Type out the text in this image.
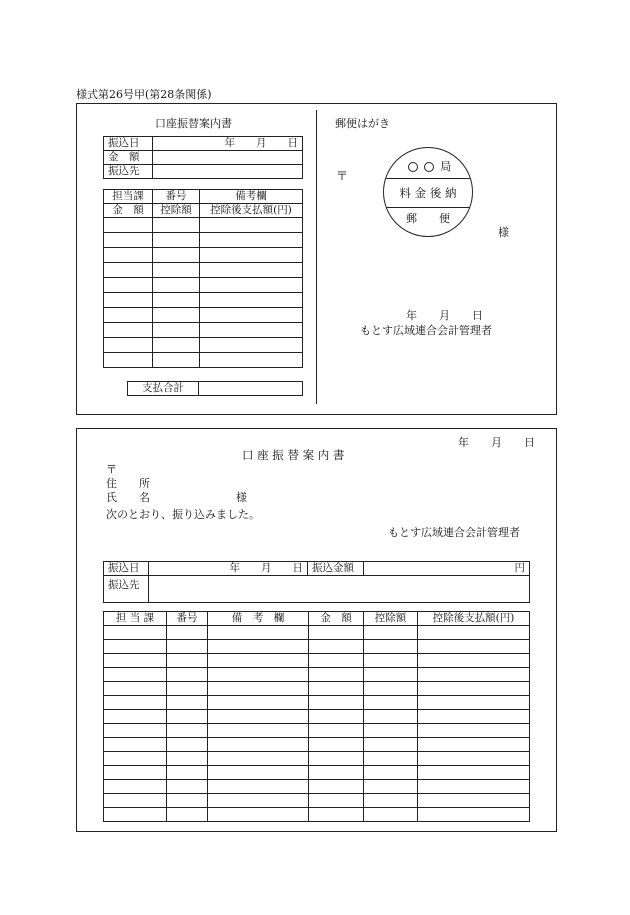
様式第26号甲(第28条関係)
口座振替案内書
振込日	年　　月　　日
金　額	
振込先	
担当課	番号	備考欄
金　額	控除額	控除後支払額(円)

支払合計	
郵便はがき
〒
局
料 金 後 納
郵　　便
様
年　　月　　日
もとす広域連合会計管理者
年　　月　　日
口 座 振 替 案 内 書
〒
住　　所
氏　　名	様
次のとおり、振り込みました。
もとす広域連合会計管理者
振込日	年　　月　　日	振込金額	円
振込先			
担 当 課	番号	備　考　欄	金　額	控除額	控除後支払額(円)
